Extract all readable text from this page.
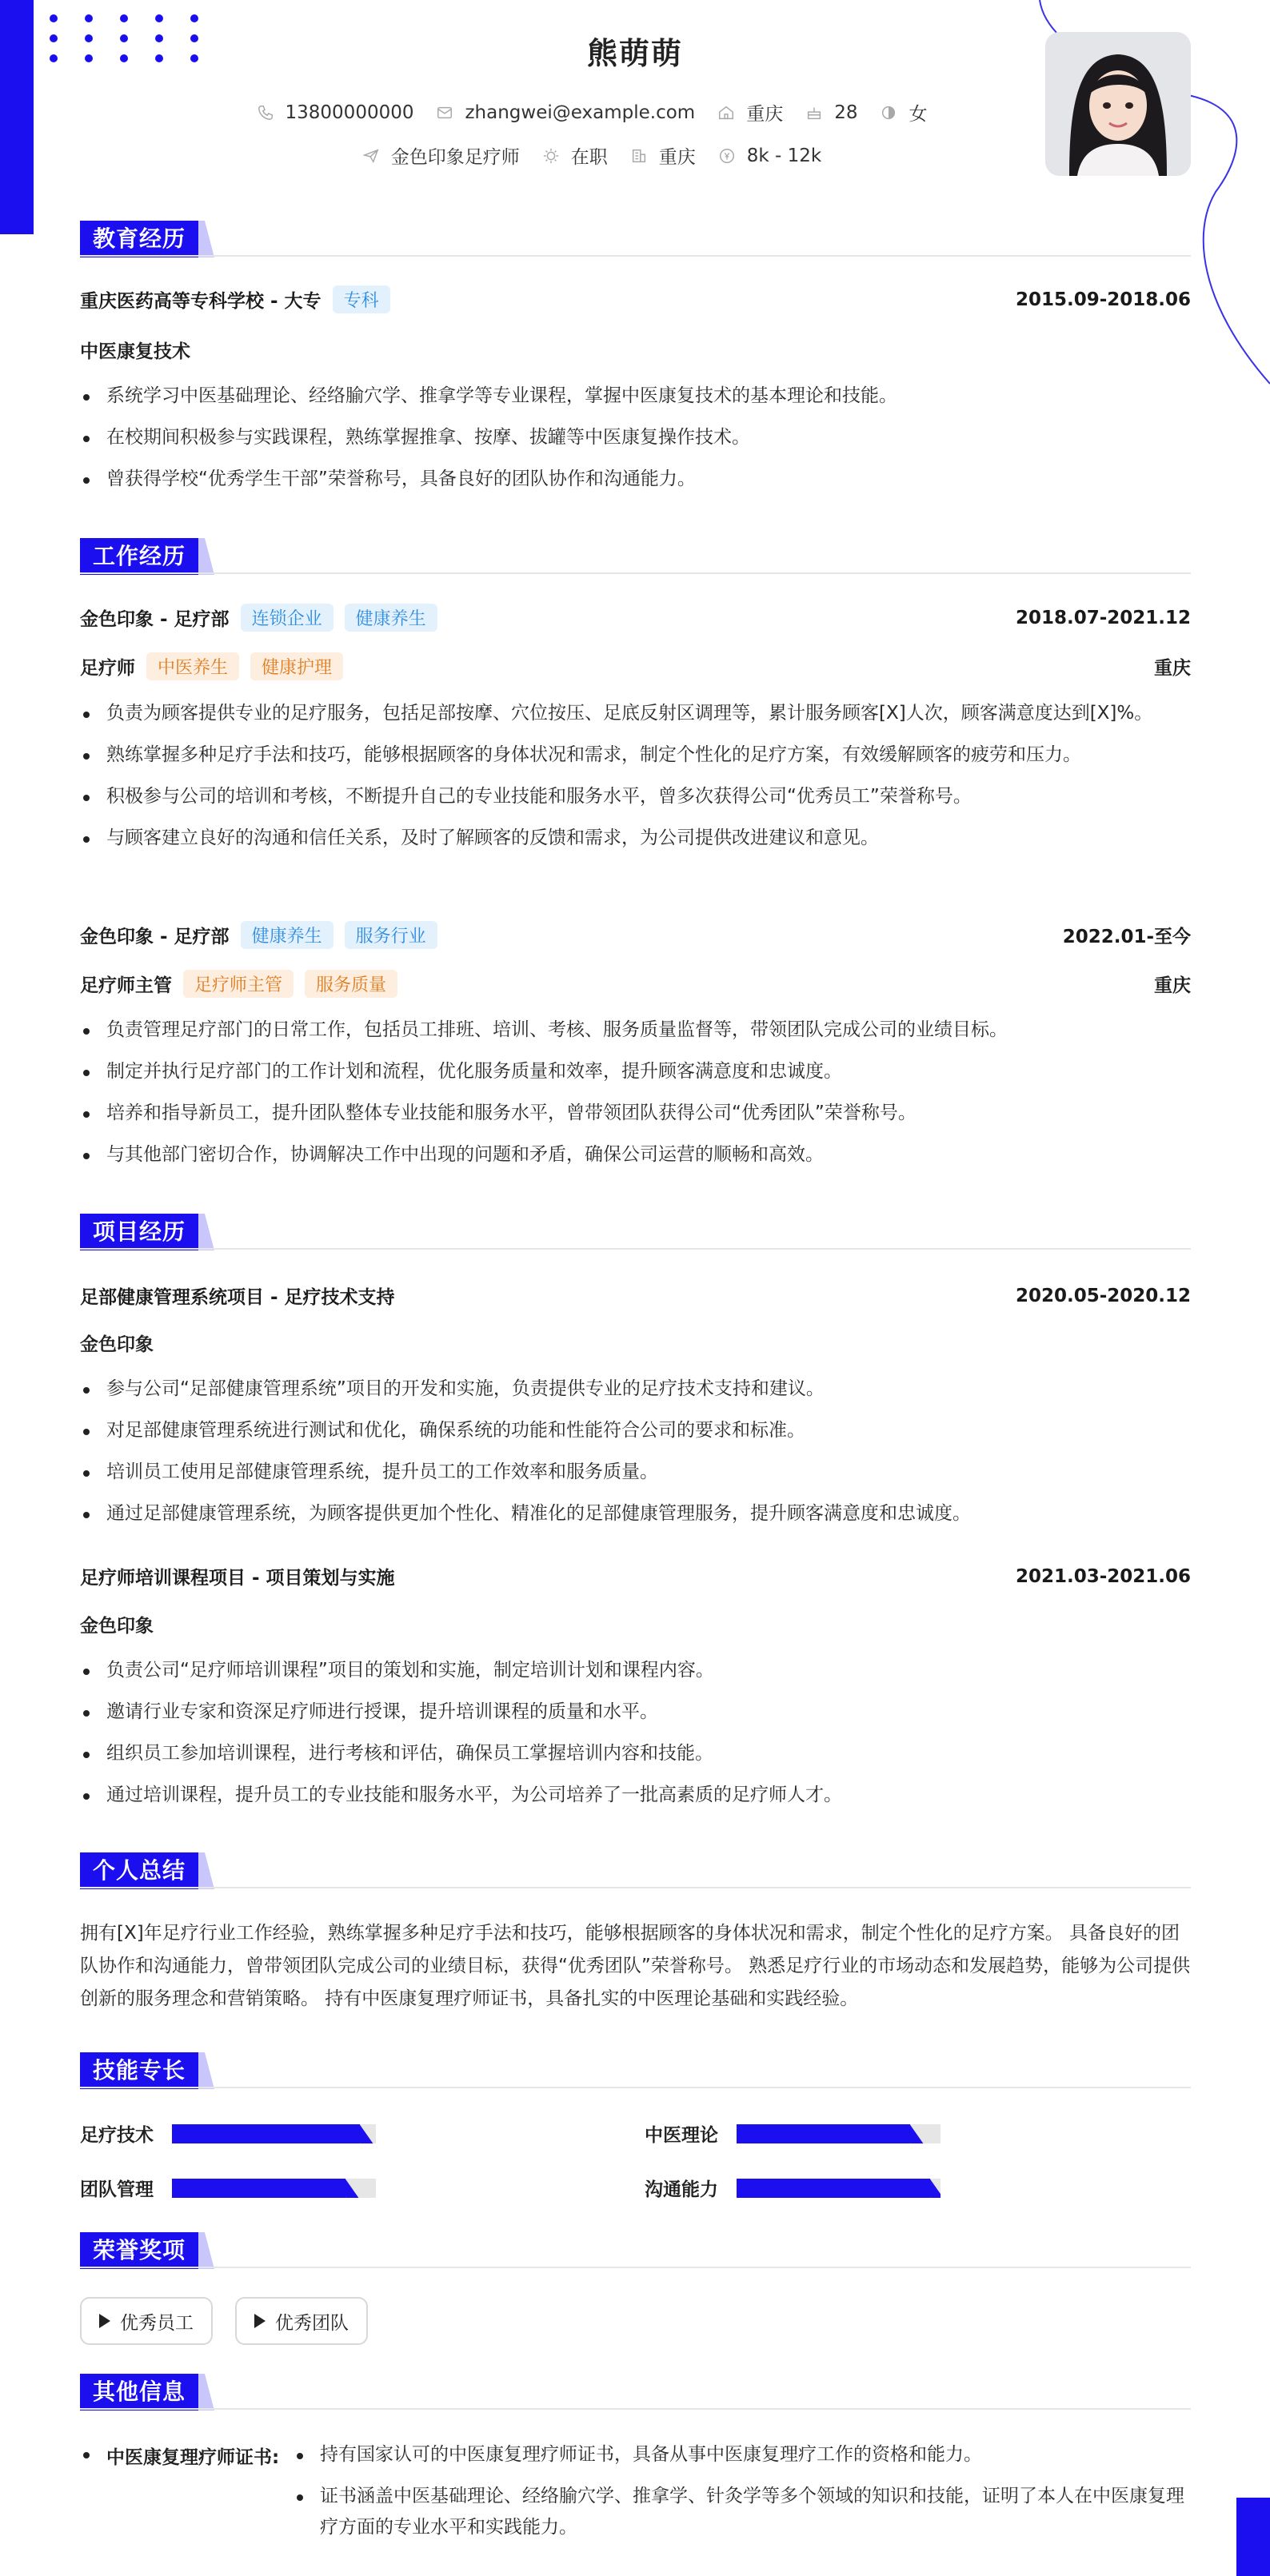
熊萌萌
13800000000	zhangwei@example.com	重庆	28	女
金色印象足疗师	在职	重庆	8k - 12k
教育经历
重庆医药高等专科学校 - 大专	专科	2015.09-2018.06
中医康复技术
系统学习中医基础理论、经络腧穴学、推拿学等专业课程，掌握中医康复技术的基本理论和技能。
在校期间积极参与实践课程，熟练掌握推拿、按摩、拔罐等中医康复操作技术。
曾获得学校“优秀学生干部”荣誉称号，具备良好的团队协作和沟通能力。
工作经历
金色印象 - 足疗部	连锁企业	健康养生	2018.07-2021.12
足疗师	中医养生	健康护理	重庆
负责为顾客提供专业的足疗服务，包括足部按摩、穴位按压、足底反射区调理等，累计服务顾客[X]人次，顾客满意度达到[X]%。
熟练掌握多种足疗手法和技巧，能够根据顾客的身体状况和需求，制定个性化的足疗方案，有效缓解顾客的疲劳和压力。
积极参与公司的培训和考核，不断提升自己的专业技能和服务水平，曾多次获得公司“优秀员工”荣誉称号。
与顾客建立良好的沟通和信任关系，及时了解顾客的反馈和需求，为公司提供改进建议和意见。
金色印象 - 足疗部	健康养生	服务行业	2022.01-至今
足疗师主管	足疗师主管	服务质量	重庆
负责管理足疗部门的日常工作，包括员工排班、培训、考核、服务质量监督等，带领团队完成公司的业绩目标。
制定并执行足疗部门的工作计划和流程，优化服务质量和效率，提升顾客满意度和忠诚度。
培养和指导新员工，提升团队整体专业技能和服务水平，曾带领团队获得公司“优秀团队”荣誉称号。
与其他部门密切合作，协调解决工作中出现的问题和矛盾，确保公司运营的顺畅和高效。
项目经历
足部健康管理系统项目 - 足疗技术支持	2020.05-2020.12
金色印象
参与公司“足部健康管理系统”项目的开发和实施，负责提供专业的足疗技术支持和建议。
对足部健康管理系统进行测试和优化，确保系统的功能和性能符合公司的要求和标准。
培训员工使用足部健康管理系统，提升员工的工作效率和服务质量。
通过足部健康管理系统，为顾客提供更加个性化、精准化的足部健康管理服务，提升顾客满意度和忠诚度。
足疗师培训课程项目 - 项目策划与实施	2021.03-2021.06
金色印象
负责公司“足疗师培训课程”项目的策划和实施，制定培训计划和课程内容。
邀请行业专家和资深足疗师进行授课，提升培训课程的质量和水平。
组织员工参加培训课程，进行考核和评估，确保员工掌握培训内容和技能。
通过培训课程，提升员工的专业技能和服务水平，为公司培养了一批高素质的足疗师人才。
个人总结

拥有[X]年足疗行业工作经验，熟练掌握多种足疗手法和技巧，能够根据顾客的身体状况和需求，制定个性化的足疗方案。 具备良好的团队协作和沟通能力，曾带领团队完成公司的业绩目标，获得“优秀团队”荣誉称号。 熟悉足疗行业的市场动态和发展趋势，能够为公司提供创新的服务理念和营销策略。 持有中医康复理疗师证书，具备扎实的中医理论基础和实践经验。

技能专长
足疗技术	中医理论
团队管理	沟通能力
荣誉奖项
优秀员工	优秀团队
其他信息
中医康复理疗师证书:	持有国家认可的中医康复理疗师证书，具备从事中医康复理疗工作的资格和能力。
证书涵盖中医基础理论、经络腧穴学、推拿学、针灸学等多个领域的知识和技能，证明了本人在中医康复理疗方面的专业水平和实践能力。
